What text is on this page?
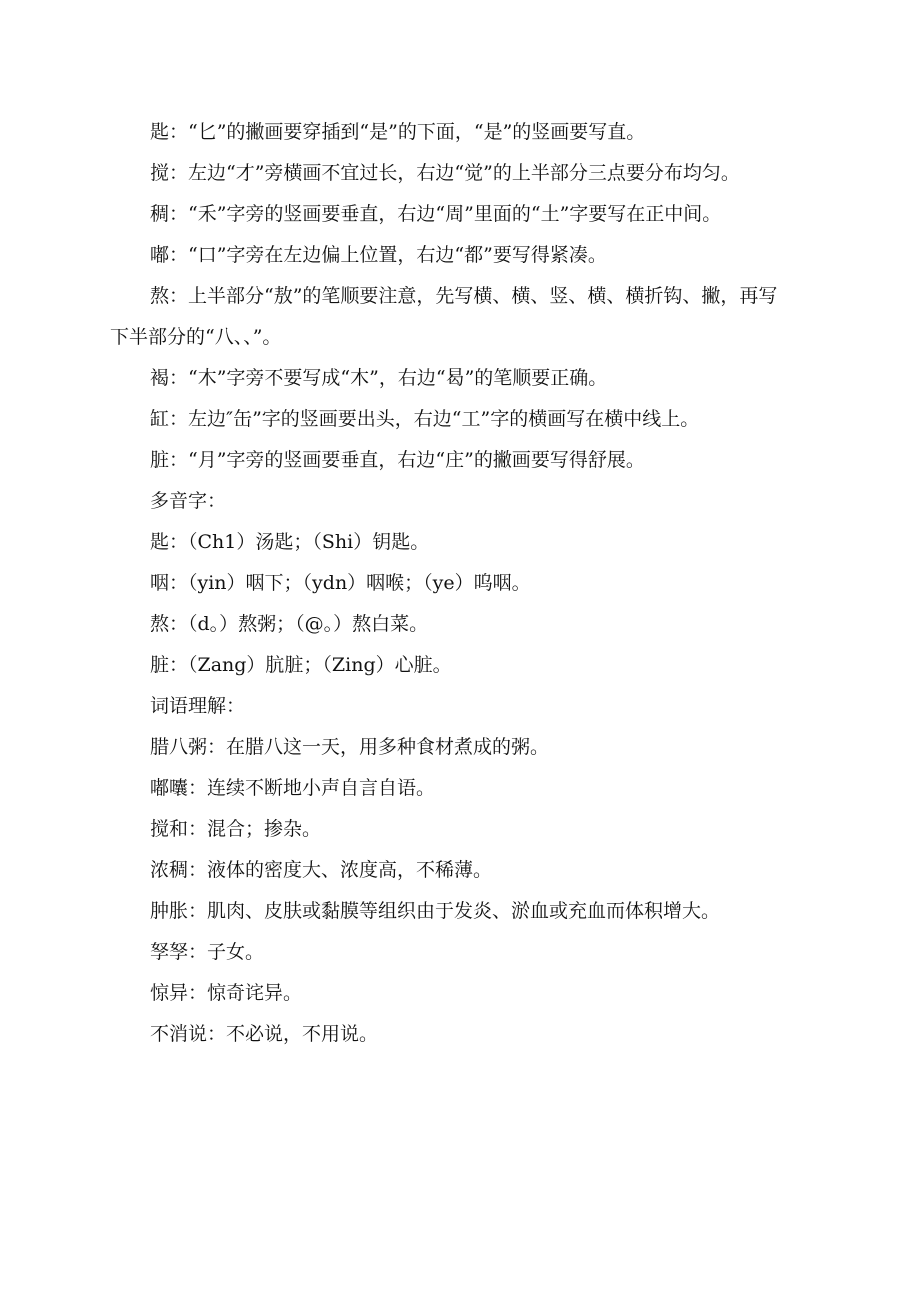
匙：“匕”的撇画要穿插到“是”的下面，“是”的竖画要写直。

搅：左边“才”旁横画不宜过长，右边“觉”的上半部分三点要分布均匀。

稠：“禾”字旁的竖画要垂直，右边“周”里面的“土”字要写在正中间。

嘟：“口”字旁在左边偏上位置，右边“都”要写得紧凑。

熬：上半部分“敖”的笔顺要注意，先写横、横、竖、横、横折钩、撇，再写下半部分的“八、、”。

褐：“木”字旁不要写成“木”，右边“曷”的笔顺要正确。

缸：左边″缶”字的竖画要出头，右边“工”字的横画写在横中线上。

脏：“月”字旁的竖画要垂直，右边“庄”的撇画要写得舒展。

多音字：

匙：（Ch1）汤匙；（Shi）钥匙。

咽：（yin）咽下；（ydn）咽喉；（ye）呜咽。

熬：（d。）熬粥；（@。）熬白菜。

脏：（Zang）肮脏；（Zing）心脏。

词语理解：

腊八粥：在腊八这一天，用多种食材煮成的粥。

嘟囔：连续不断地小声自言自语。

搅和：混合；掺杂。

浓稠：液体的密度大、浓度高，不稀薄。

肿胀：肌肉、皮肤或黏膜等组织由于发炎、淤血或充血而体积增大。

孥孥：子女。

惊异：惊奇诧异。

不消说：不必说，不用说。
